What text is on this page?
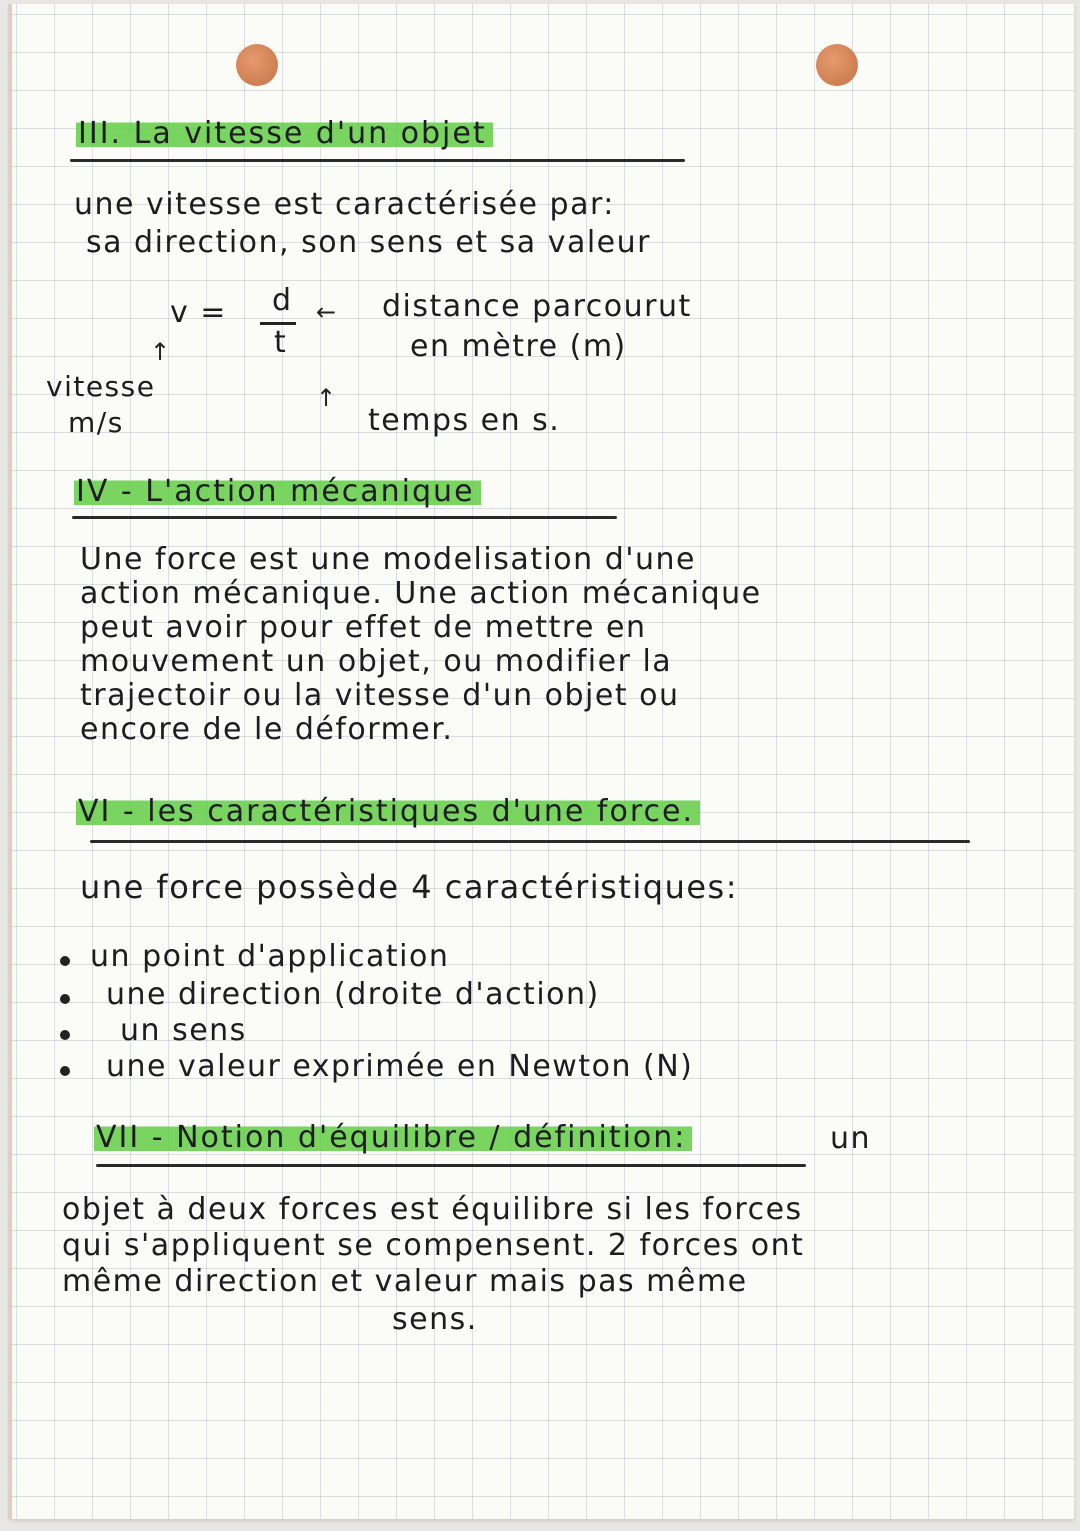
III. La vitesse d'un objet
une vitesse est caractérisée par:
sa direction, son sens et sa valeur
v = d
t
← distance parcourut
en mètre (m)
↑
vitesse
m/s
↑
temps en s.
IV - L'action mécanique
Une force est une modelisation d'une
action mécanique. Une action mécanique
peut avoir pour effet de mettre en
mouvement un objet, ou modifier la
trajectoir ou la vitesse d'un objet ou
encore de le déformer.
VI - les caractéristiques d'une force.
une force possède 4 caractéristiques:
un point d'application
une direction (droite d'action)
un sens
une valeur exprimée en Newton (N)
VII - Notion d'équilibre / définition:	un
objet à deux forces est équilibre si les forces
qui s'appliquent se compensent. 2 forces ont
même direction et valeur mais pas même
sens.
